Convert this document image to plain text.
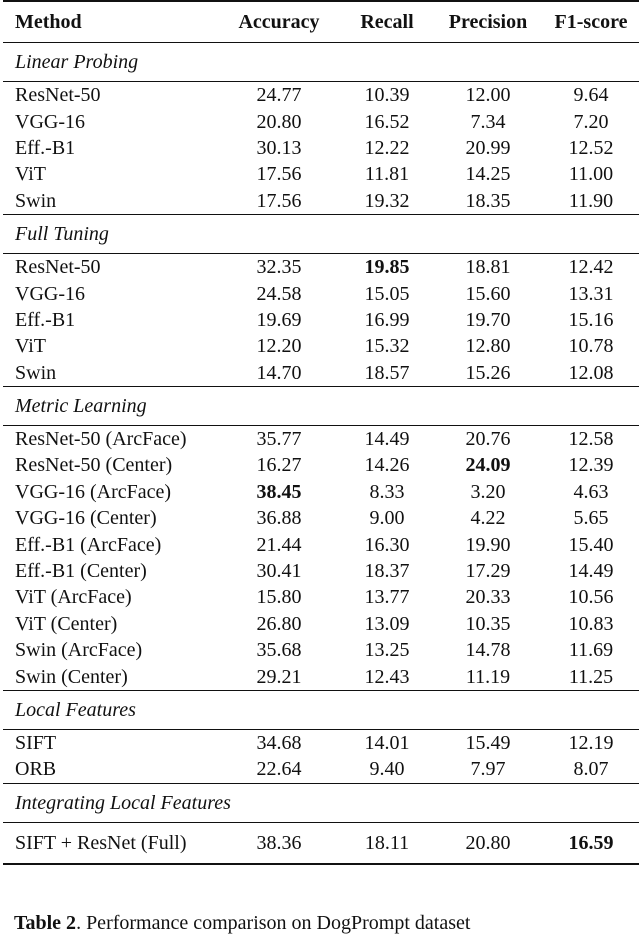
Method	Accuracy	Recall	Precision	F1-score
Linear Probing				
ResNet-50	24.77	10.39	12.00	9.64
VGG-16	20.80	16.52	7.34	7.20
Eff.-B1	30.13	12.22	20.99	12.52
ViT	17.56	11.81	14.25	11.00
Swin	17.56	19.32	18.35	11.90
Full Tuning				
ResNet-50	32.35	19.85	18.81	12.42
VGG-16	24.58	15.05	15.60	13.31
Eff.-B1	19.69	16.99	19.70	15.16
ViT	12.20	15.32	12.80	10.78
Swin	14.70	18.57	15.26	12.08
Metric Learning				
ResNet-50 (ArcFace)	35.77	14.49	20.76	12.58
ResNet-50 (Center)	16.27	14.26	24.09	12.39
VGG-16 (ArcFace)	38.45	8.33	3.20	4.63
VGG-16 (Center)	36.88	9.00	4.22	5.65
Eff.-B1 (ArcFace)	21.44	16.30	19.90	15.40
Eff.-B1 (Center)	30.41	18.37	17.29	14.49
ViT (ArcFace)	15.80	13.77	20.33	10.56
ViT (Center)	26.80	13.09	10.35	10.83
Swin (ArcFace)	35.68	13.25	14.78	11.69
Swin (Center)	29.21	12.43	11.19	11.25
Local Features				
SIFT	34.68	14.01	15.49	12.19
ORB	22.64	9.40	7.97	8.07
Integrating Local Features				
SIFT + ResNet (Full)	38.36	18.11	20.80	16.59
Table 2. Performance comparison on DogPrompt dataset
